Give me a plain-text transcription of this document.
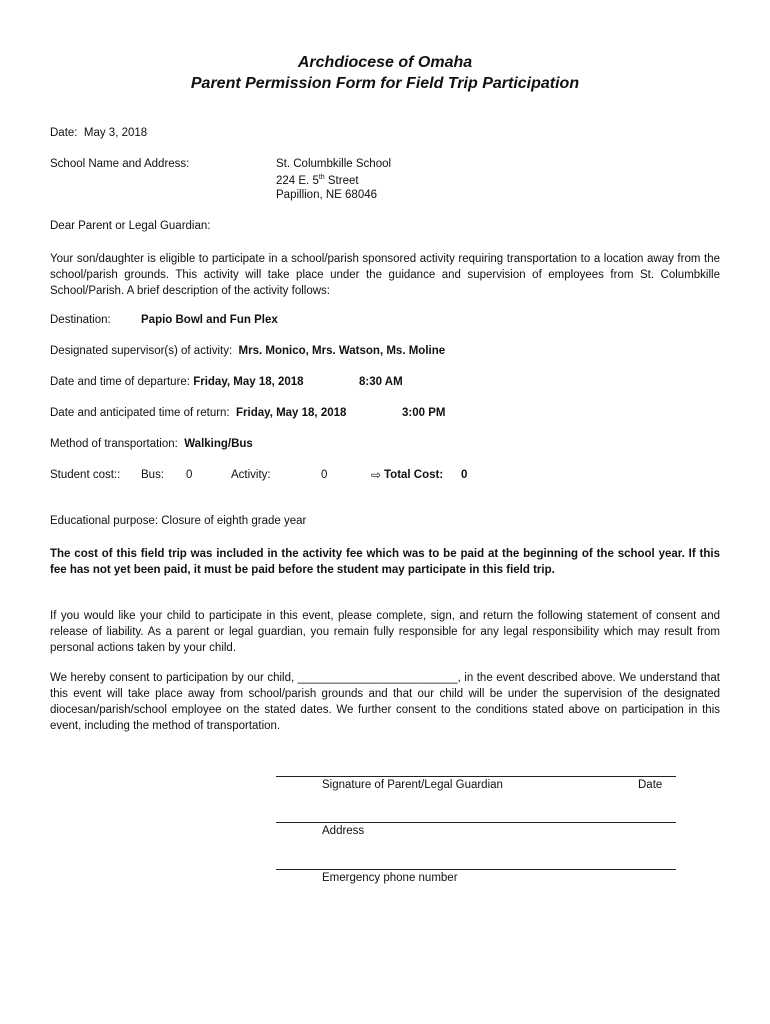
Archdiocese of Omaha
Parent Permission Form for Field Trip Participation
Date: May 3, 2018
School Name and Address:	St. Columbkille School
224 E. 5th Street
Papillion, NE 68046
Dear Parent or Legal Guardian:
Your son/daughter is eligible to participate in a school/parish sponsored activity requiring transportation to a location away from the school/parish grounds. This activity will take place under the guidance and supervision of employees from St. Columbkille School/Parish. A brief description of the activity follows:
Destination:	Papio Bowl and Fun Plex
Designated supervisor(s) of activity: Mrs. Monico, Mrs. Watson, Ms. Moline
Date and time of departure: Friday, May 18, 2018	8:30 AM
Date and anticipated time of return: Friday, May 18, 2018	3:00 PM
Method of transportation: Walking/Bus
Student cost:: Bus: 0	Activity:	0	⇨ Total Cost: 0
Educational purpose: Closure of eighth grade year
The cost of this field trip was included in the activity fee which was to be paid at the beginning of the school year. If this fee has not yet been paid, it must be paid before the student may participate in this field trip.
If you would like your child to participate in this event, please complete, sign, and return the following statement of consent and release of liability. As a parent or legal guardian, you remain fully responsible for any legal responsibility which may result from personal actions taken by your child.
We hereby consent to participation by our child, _________________________, in the event described above. We understand that this event will take place away from school/parish grounds and that our child will be under the supervision of the designated diocesan/parish/school employee on the stated dates. We further consent to the conditions stated above on participation in this event, including the method of transportation.
Signature of Parent/Legal Guardian	Date
Address
Emergency phone number
